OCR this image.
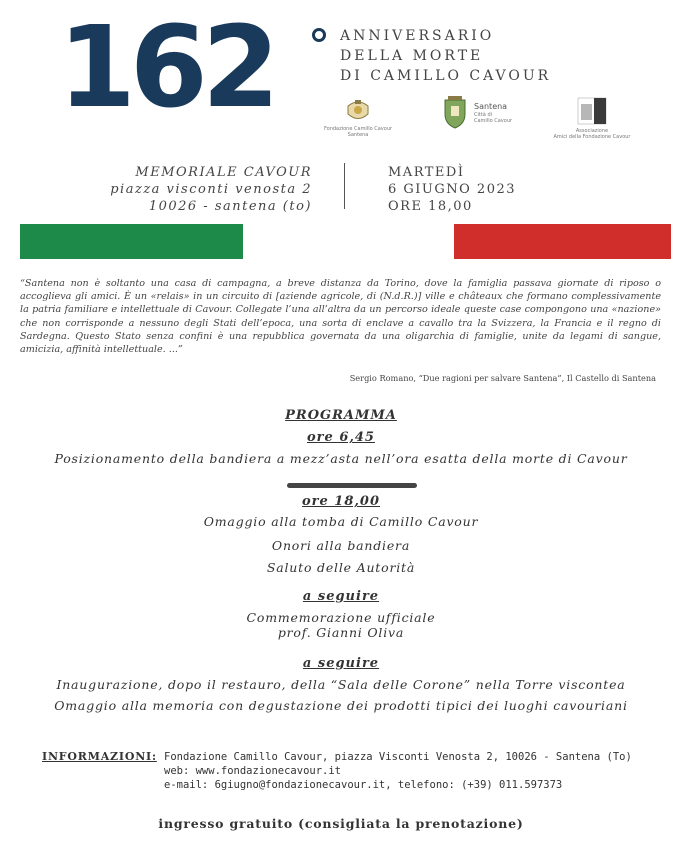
162	ANNIVERSARIO
DELLA MORTE
DI CAMILLO CAVOUR
Fondazione Camillo Cavour
Santena
Santena
Città di
Camillo Cavour
Associazione
Amici della Fondazione Cavour
MEMORIALE CAVOUR
piazza visconti venosta 2
10026 - santena (to)
MARTEDÌ
6 GIUGNO 2023
ORE 18,00
“Santena non è soltanto una casa di campagna, a breve distanza da Torino, dove la famiglia passava giornate di riposo o accoglieva gli amici. È un «relais» in un circuito di [aziende agricole, di (N.d.R.)] ville e châteaux che formano complessivamente la patria familiare e intellettuale di Cavour. Collegate l’una all’altra da un percorso ideale queste case compongono una «nazione» che non corrisponde a nessuno degli Stati dell’epoca, una sorta di enclave a cavallo tra la Svizzera, la Francia e il regno di Sardegna. Questo Stato senza confini è una repubblica governata da una oligarchia di famiglie, unite da legami di sangue, amicizia, affinità intellettuale. ...”
Sergio Romano, “Due ragioni per salvare Santena”, Il Castello di Santena
PROGRAMMA
ore 6,45
Posizionamento della bandiera a mezz’asta nell’ora esatta della morte di Cavour
ore 18,00
Omaggio alla tomba di Camillo Cavour
Onori alla bandiera
Saluto delle Autorità
a seguire
Commemorazione ufficiale
prof. Gianni Oliva
a seguire
Inaugurazione, dopo il restauro, della “Sala delle Corone” nella Torre viscontea
Omaggio alla memoria con degustazione dei prodotti tipici dei luoghi cavouriani
INFORMAZIONI: Fondazione Camillo Cavour, piazza Visconti Venosta 2, 10026 - Santena (To)
web: www.fondazionecavour.it
e-mail: 6giugno@fondazionecavour.it, telefono: (+39) 011.597373
ingresso gratuito (consigliata la prenotazione)
